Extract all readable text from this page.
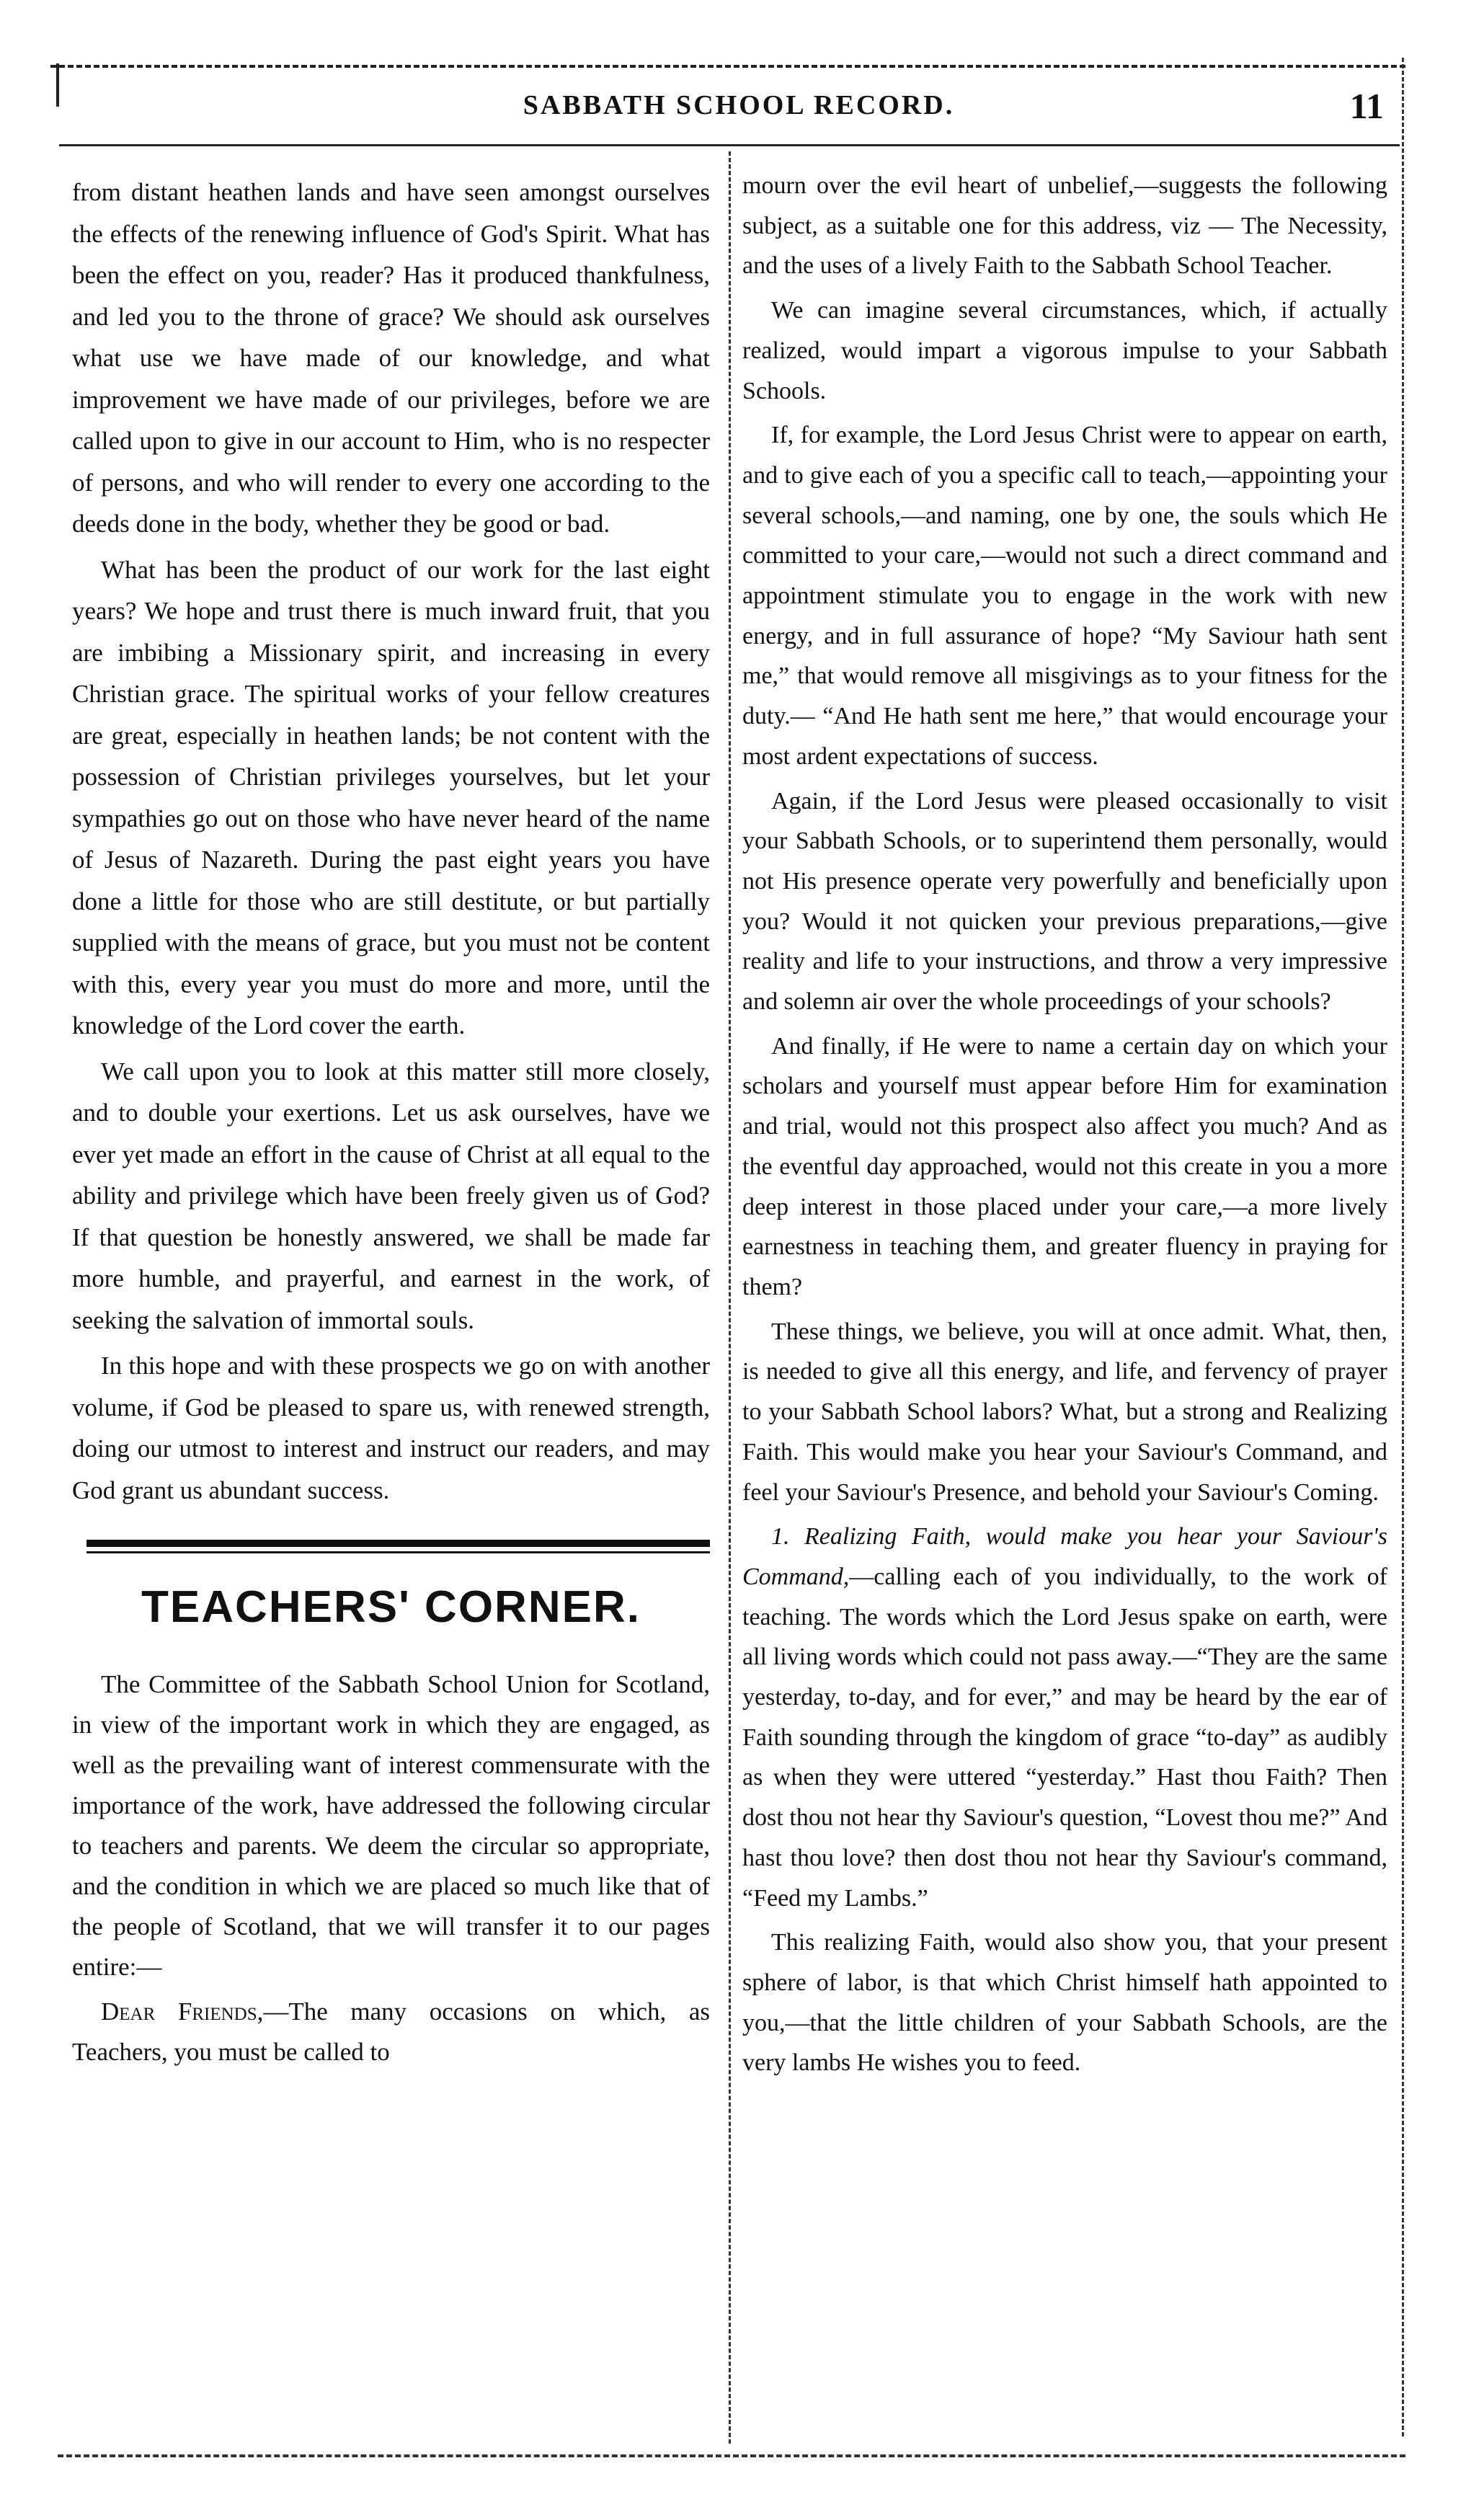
SABBATH SCHOOL RECORD.	11

from distant heathen lands and have seen amongst ourselves the effects of the renewing influence of God's Spirit. What has been the effect on you, reader? Has it produced thankfulness, and led you to the throne of grace? We should ask ourselves what use we have made of our knowledge, and what improvement we have made of our privileges, before we are called upon to give in our account to Him, who is no respecter of persons, and who will render to every one according to the deeds done in the body, whether they be good or bad.

What has been the product of our work for the last eight years? We hope and trust there is much inward fruit, that you are imbibing a Missionary spirit, and increasing in every Christian grace. The spiritual works of your fellow creatures are great, especially in heathen lands; be not content with the possession of Christian privileges yourselves, but let your sympathies go out on those who have never heard of the name of Jesus of Nazareth. During the past eight years you have done a little for those who are still destitute, or but partially supplied with the means of grace, but you must not be content with this, every year you must do more and more, until the knowledge of the Lord cover the earth.

We call upon you to look at this matter still more closely, and to double your exertions. Let us ask ourselves, have we ever yet made an effort in the cause of Christ at all equal to the ability and privilege which have been freely given us of God? If that question be honestly answered, we shall be made far more humble, and prayerful, and earnest in the work, of seeking the salvation of immortal souls.

In this hope and with these prospects we go on with another volume, if God be pleased to spare us, with renewed strength, doing our utmost to interest and instruct our readers, and may God grant us abundant success.

TEACHERS' CORNER.

The Committee of the Sabbath School Union for Scotland, in view of the important work in which they are engaged, as well as the prevailing want of interest commensurate with the importance of the work, have addressed the following circular to teachers and parents. We deem the circular so appropriate, and the condition in which we are placed so much like that of the people of Scotland, that we will transfer it to our pages entire:—

Dear Friends,—The many occasions on which, as Teachers, you must be called to

mourn over the evil heart of unbelief,—suggests the following subject, as a suitable one for this address, viz — The Necessity, and the uses of a lively Faith to the Sabbath School Teacher.

We can imagine several circumstances, which, if actually realized, would impart a vigorous impulse to your Sabbath Schools.

If, for example, the Lord Jesus Christ were to appear on earth, and to give each of you a specific call to teach,—appointing your several schools,—and naming, one by one, the souls which He committed to your care,—would not such a direct command and appointment stimulate you to engage in the work with new energy, and in full assurance of hope? “My Saviour hath sent me,” that would remove all misgivings as to your fitness for the duty.— “And He hath sent me here,” that would encourage your most ardent expectations of success.

Again, if the Lord Jesus were pleased occasionally to visit your Sabbath Schools, or to superintend them personally, would not His presence operate very powerfully and beneficially upon you? Would it not quicken your previous preparations,—give reality and life to your instructions, and throw a very impressive and solemn air over the whole proceedings of your schools?

And finally, if He were to name a certain day on which your scholars and yourself must appear before Him for examination and trial, would not this prospect also affect you much? And as the eventful day approached, would not this create in you a more deep interest in those placed under your care,—a more lively earnestness in teaching them, and greater fluency in praying for them?

These things, we believe, you will at once admit. What, then, is needed to give all this energy, and life, and fervency of prayer to your Sabbath School labors? What, but a strong and Realizing Faith. This would make you hear your Saviour's Command, and feel your Saviour's Presence, and behold your Saviour's Coming.

1. Realizing Faith, would make you hear your Saviour's Command,—calling each of you individually, to the work of teaching. The words which the Lord Jesus spake on earth, were all living words which could not pass away.—“They are the same yesterday, to-day, and for ever,” and may be heard by the ear of Faith sounding through the kingdom of grace “to-day” as audibly as when they were uttered “yesterday.” Hast thou Faith? Then dost thou not hear thy Saviour's question, “Lovest thou me?” And hast thou love? then dost thou not hear thy Saviour's command, “Feed my Lambs.”

This realizing Faith, would also show you, that your present sphere of labor, is that which Christ himself hath appointed to you,—that the little children of your Sabbath Schools, are the very lambs He wishes you to feed.
